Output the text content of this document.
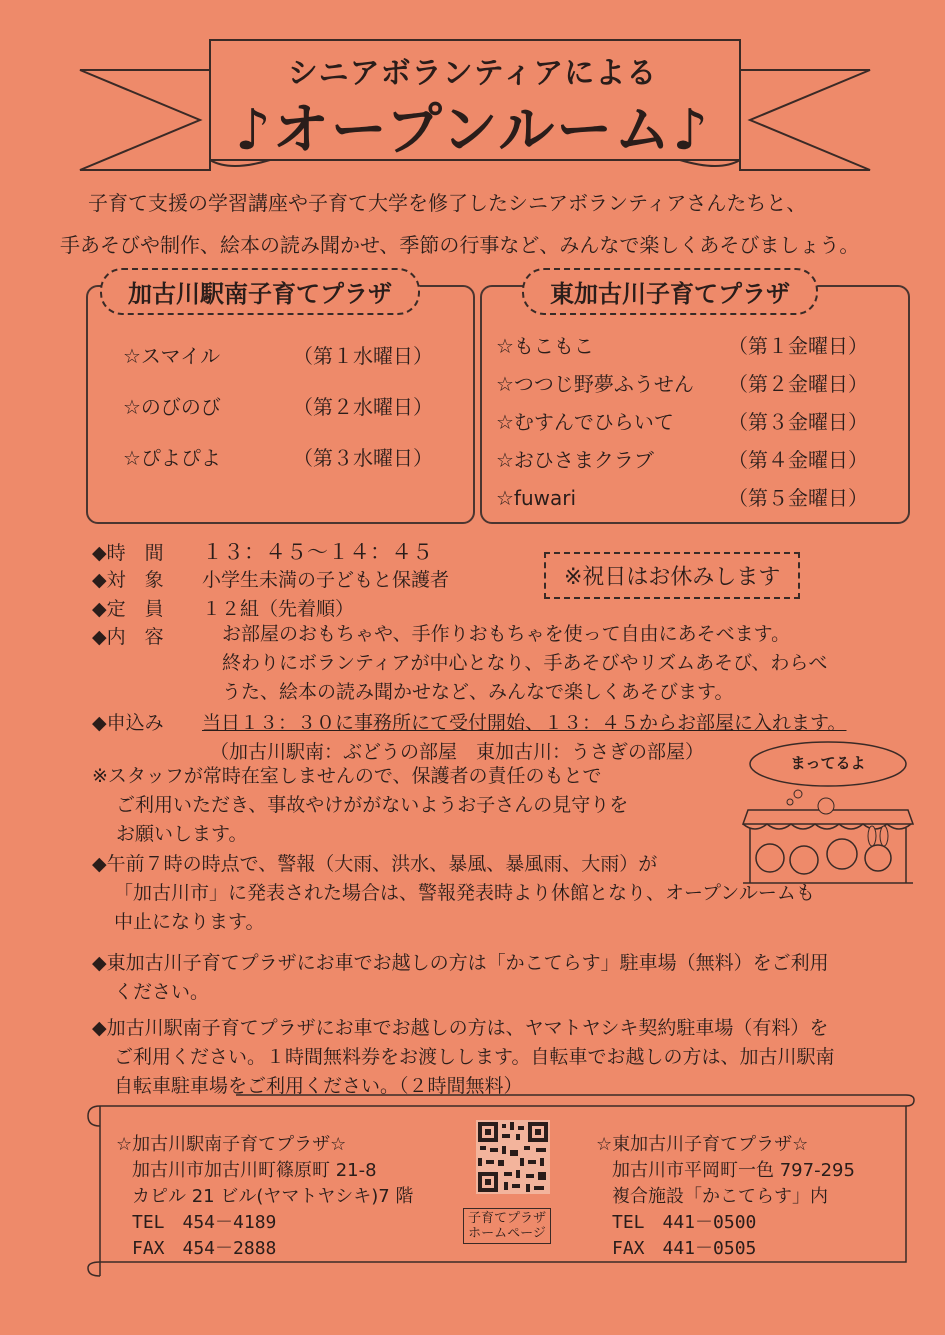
シニアボランティアによる
♪オープンルーム♪
子育て支援の学習講座や子育て大学を修了したシニアボランティアさんたちと、
手あそびや制作、絵本の読み聞かせ、季節の行事など、みんなで楽しくあそびましょう。
加古川駅南子育てプラザ
☆スマイル	（第１水曜日）
☆のびのび	（第２水曜日）
☆ぴよぴよ	（第３水曜日）
東加古川子育てプラザ
☆もこもこ	（第１金曜日）
☆つつじ野夢ふうせん （第２金曜日）
☆むすんでひらいて	（第３金曜日）
☆おひさまクラブ	（第４金曜日）
☆fuwari	（第５金曜日）
◆時　間 １３：４５～１４：４５
◆対　象 小学生未満の子どもと保護者
◆定　員 １２組（先着順）
※祝日はお休みします
◆内　容	お部屋のおもちゃや、手作りおもちゃを使って自由にあそべます。
終わりにボランティアが中心となり、手あそびやリズムあそび、わらべ
うた、絵本の読み聞かせなど、みんなで楽しくあそびます。
◆申込み 当日１３：３０に事務所にて受付開始、１３：４５からお部屋に入れます。
（加古川駅南：ぶどうの部屋　東加古川：うさぎの部屋）	まってるよ
※スタッフが常時在室しませんので、保護者の責任のもとで
ご利用いただき、事故やけががないようお子さんの見守りを
お願いします。
◆午前７時の時点で、警報（大雨、洪水、暴風、暴風雨、大雨）が
「加古川市」に発表された場合は、警報発表時より休館となり、オープンルームも
中止になります。
◆東加古川子育てプラザにお車でお越しの方は「かこてらす」駐車場（無料）をご利用
ください。
◆加古川駅南子育てプラザにお車でお越しの方は、ヤマトヤシキ契約駐車場（有料）を
ご利用ください。１時間無料券をお渡しします。自転車でお越しの方は、加古川駅南
自転車駐車場をご利用ください。（２時間無料）
☆加古川駅南子育てプラザ☆
加古川市加古川町篠原町 21-8
カピル 21 ビル(ヤマトヤシキ)7 階
TEL　454－4189
FAX　454－2888
子育てプラザ
ホームページ
☆東加古川子育てプラザ☆
加古川市平岡町一色 797-295
複合施設「かこてらす」内
TEL　441－0500
FAX　441－0505
